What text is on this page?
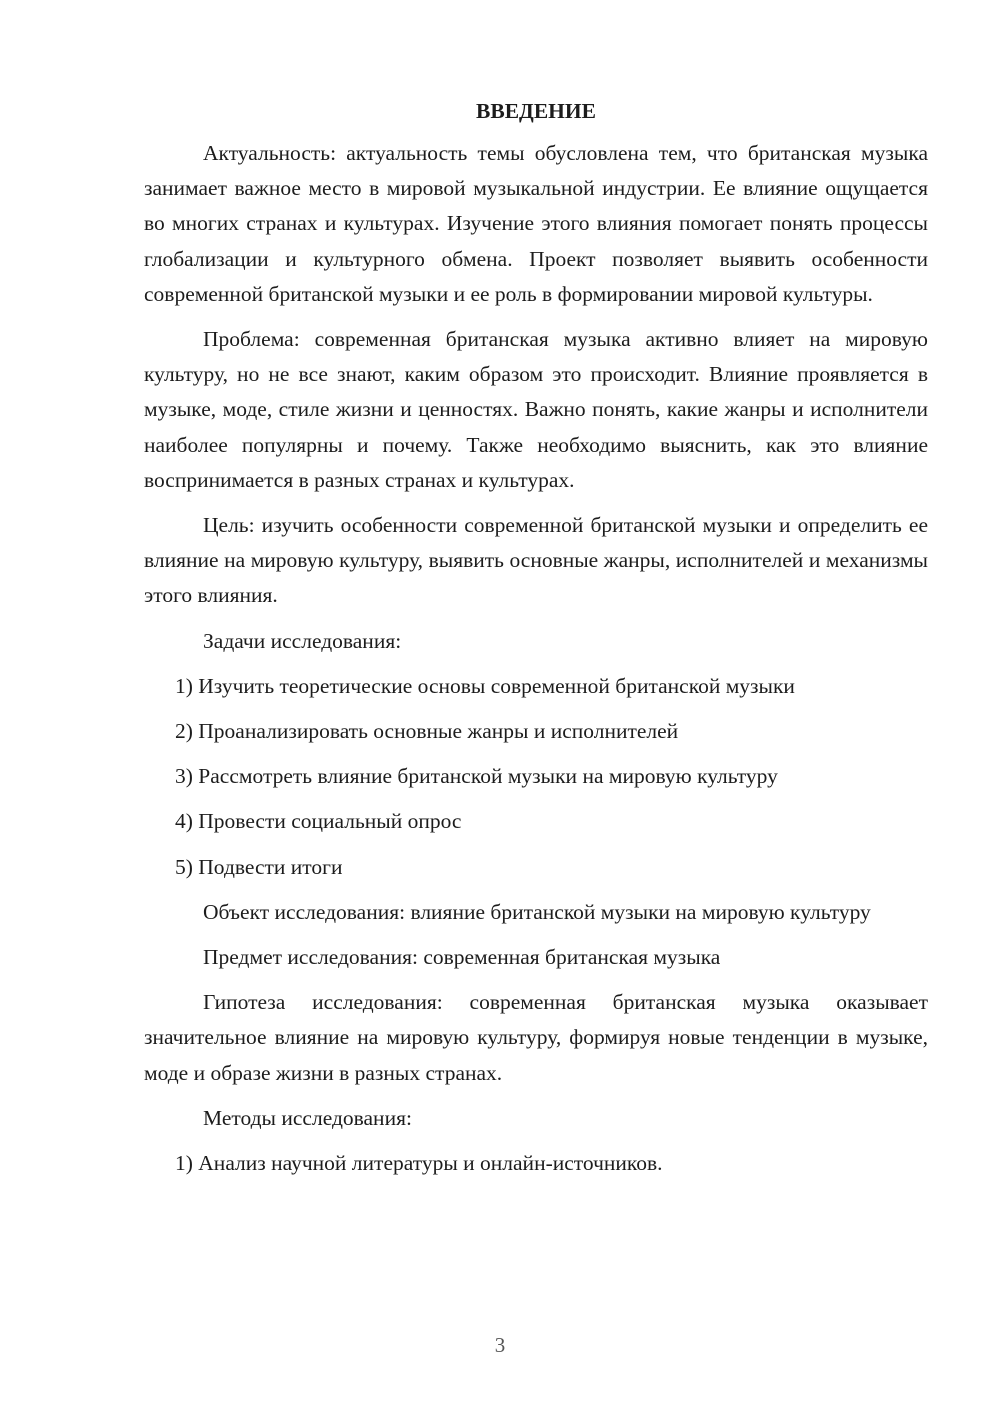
ВВЕДЕНИЕ

Актуальность: актуальность темы обусловлена тем, что британская музыка занимает важное место в мировой музыкальной индустрии. Ее влияние ощущается во многих странах и культурах. Изучение этого влияния помогает понять процессы глобализации и культурного обмена. Проект позволяет выявить особенности современной британской музыки и ее роль в формировании мировой культуры.

Проблема: современная британская музыка активно влияет на мировую культуру, но не все знают, каким образом это происходит. Влияние проявляется в музыке, моде, стиле жизни и ценностях. Важно понять, какие жанры и исполнители наиболее популярны и почему. Также необходимо выяснить, как это влияние воспринимается в разных странах и культурах.

Цель: изучить особенности современной британской музыки и определить ее влияние на мировую культуру, выявить основные жанры, исполнителей и механизмы этого влияния.

Задачи исследования:

1) Изучить теоретические основы современной британской музыки

2) Проанализировать основные жанры и исполнителей

3) Рассмотреть влияние британской музыки на мировую культуру

4) Провести социальный опрос

5) Подвести итоги

Объект исследования: влияние британской музыки на мировую культуру

Предмет исследования: современная британская музыка

Гипотеза исследования: современная британская музыка оказывает значительное влияние на мировую культуру, формируя новые тенденции в музыке, моде и образе жизни в разных странах.

Методы исследования:

1) Анализ научной литературы и онлайн-источников.

3
